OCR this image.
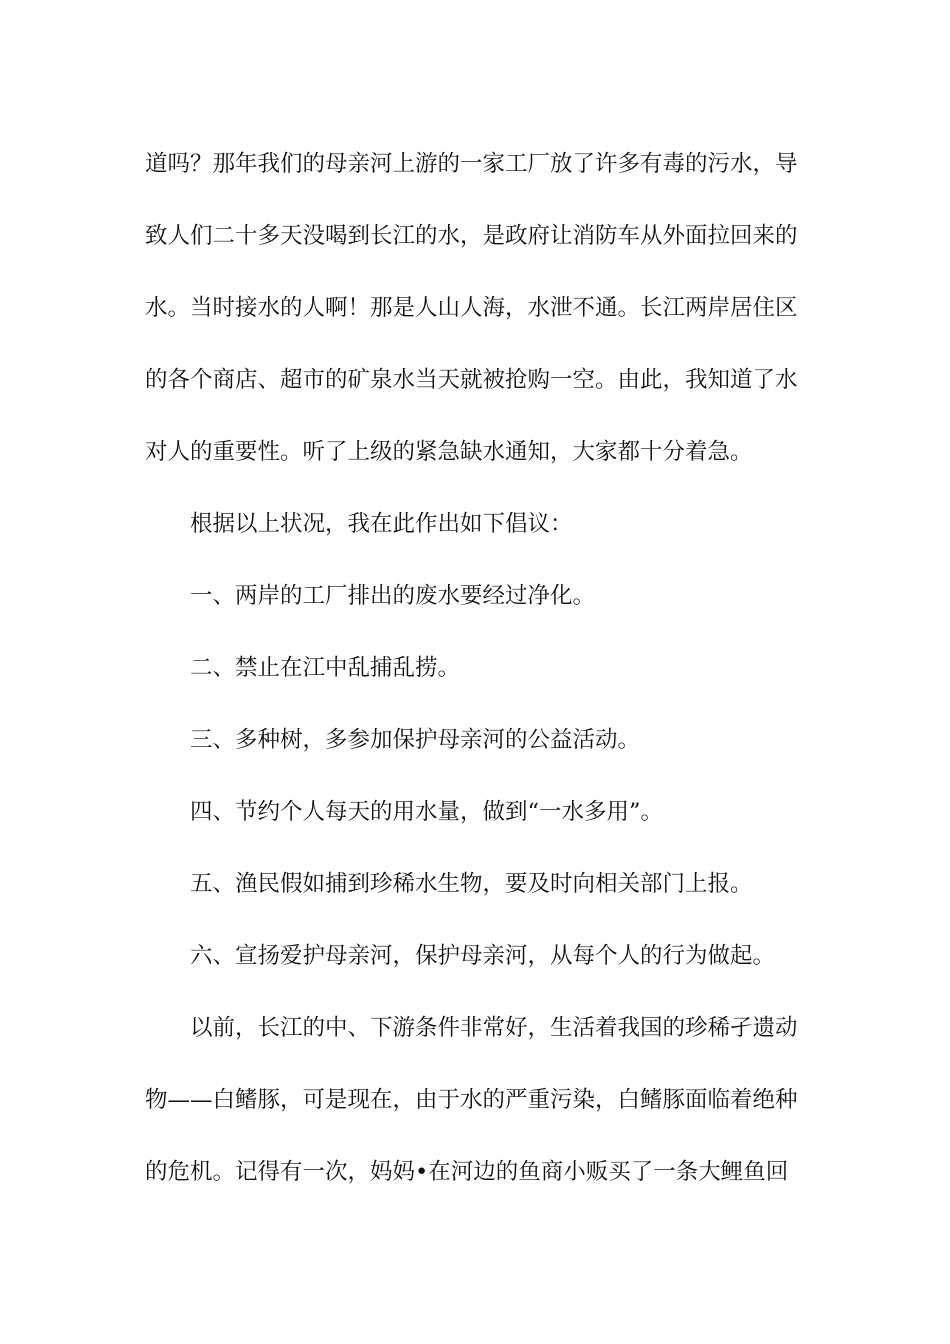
道吗？那年我们的母亲河上游的一家工厂放了许多有毒的污水，导
致人们二十多天没喝到长江的水，是政府让消防车从外面拉回来的
水。当时接水的人啊！那是人山人海，水泄不通。长江两岸居住区
的各个商店、超市的矿泉水当天就被抢购一空。由此，我知道了水
对人的重要性。听了上级的紧急缺水通知，大家都十分着急。
根据以上状况，我在此作出如下倡议：
一、两岸的工厂排出的废水要经过净化。
二、禁止在江中乱捕乱捞。
三、多种树，多参加保护母亲河的公益活动。
四、节约个人每天的用水量，做到“一水多用”。
五、渔民假如捕到珍稀水生物，要及时向相关部门上报。
六、宣扬爱护母亲河，保护母亲河，从每个人的行为做起。
以前，长江的中、下游条件非常好，生活着我国的珍稀孑遗动
物——白鳍豚，可是现在，由于水的严重污染，白鳍豚面临着绝种
的危机。记得有一次，妈妈•在河边的鱼商小贩买了一条大鲤鱼回
